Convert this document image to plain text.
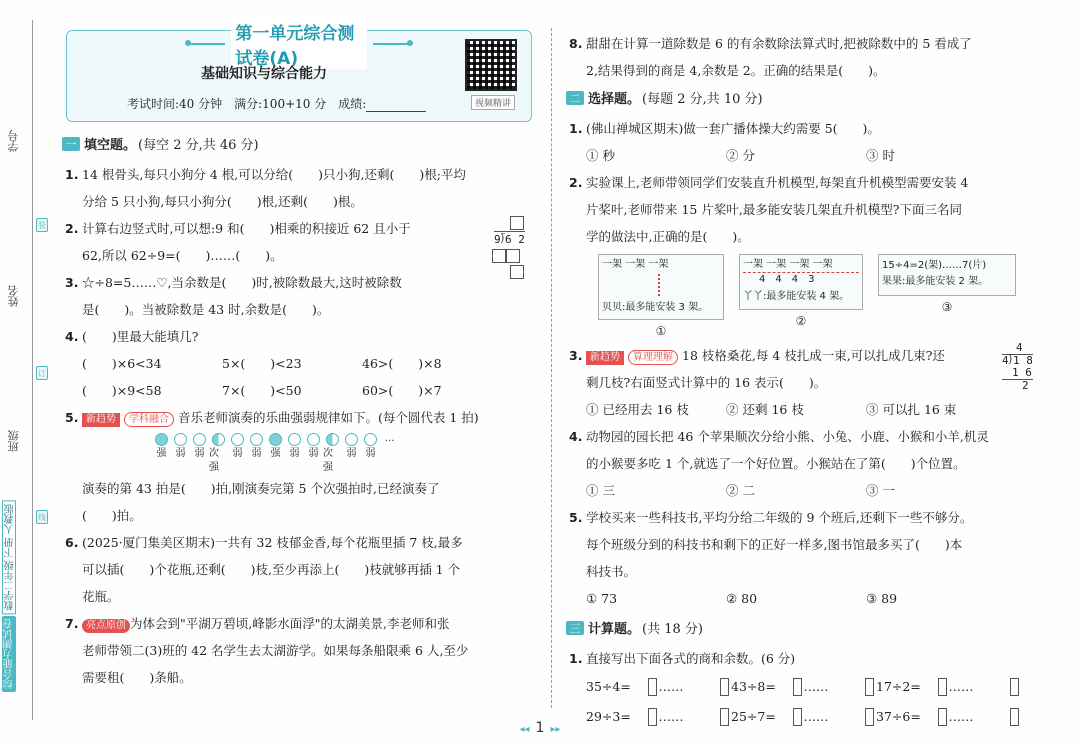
学号
姓名
班级
装
订
线
数学二年级 下册 人教版
综合能力测试卷
第一单元综合测试卷(A)
基础知识与综合能力
考试时间:40 分钟　满分:100+10 分　成绩:	视频精讲
一 填空题。 (每空 2 分,共 46 分)
1. 14 根骨头,每只小狗分 4 根,可以分给(　　)只小狗,还剩(　　)根;平均

分给 5 只小狗,每只小狗分(　　)根,还剩(　　)根。

2. 计算右边竖式时,可以想:9 和(　　)相乘的积接近 62 且小于

62,所以 62÷9=(　　)……(　　)。

9⟌6 2
3. ☆÷8=5……♡,当余数是(　　)时,被除数最大,这时被除数

是(　　)。当被除数是 43 时,余数是(　　)。

4. (　　)里最大能填几?

(　　)×6<34	5×(　　)<23	46>(　　)×8
(　　)×9<58	7×(　　)<50	60>(　　)×7
5. 新趋势 学科融合 音乐老师演奏的乐曲强弱规律如下。(每个圆代表 1 拍)

强 弱 弱 次强
弱 弱 强 弱 弱 次强
弱 弱
…

演奏的第 43 拍是(　　)拍,刚演奏完第 5 个次强拍时,已经演奏了

(　　)拍。

6. (2025·厦门集美区期末)一共有 32 枝郁金香,每个花瓶里插 7 枝,最多

可以插(　　)个花瓶,还剩(　　)枝,至少再添上(　　)枝就够再插 1 个

花瓶。

7. 亮点原创 为体会到"平湖万碧顷,峰影水面浮"的太湖美景,李老师和张

老师带领二(3)班的 42 名学生去太湖游学。如果每条船限乘 6 人,至少

需要租(　　)条船。

8. 甜甜在计算一道除数是 6 的有余数除法算式时,把被除数中的 5 看成了

2,结果得到的商是 4,余数是 2。正确的结果是(　　)。

二 选择题。 (每题 2 分,共 10 分)
1. (佛山禅城区期末)做一套广播体操大约需要 5(　　)。

① 秒	② 分	③ 时
2. 实验课上,老师带领同学们安装直升机模型,每架直升机模型需要安装 4

片桨叶,老师带来 15 片桨叶,最多能安装几架直升机模型?下面三名同

学的做法中,正确的是(　　)。

一架 一架 一架
贝贝:最多能安装 3 架。
①
一架 一架 一架 一架
4　4　4　3
丫丫:最多能安装 4 架。
②
15÷4=2(架)……7(片)
果果:最多能安装 2 架。
③
3. 新趋势 算理理解 18 枝格桑花,每 4 枝扎成一束,可以扎成几束?还

剩几枝?右面竖式计算中的 16 表示(　　)。

4
4⟌1 8
1 6
2
① 已经用去 16 枝	② 还剩 16 枝	③ 可以扎 16 束
4. 动物园的园长把 46 个苹果顺次分给小熊、小兔、小鹿、小猴和小羊,机灵

的小猴要多吃 1 个,就选了一个好位置。小猴站在了第(　　)个位置。

① 三	② 二	③ 一
5. 学校买来一些科技书,平均分给二年级的 9 个班后,还剩下一些不够分。

每个班级分到的科技书和剩下的正好一样多,图书馆最多买了(　　)本

科技书。

① 73	② 80	③ 89
三 计算题。 (共 18 分)
1. 直接写出下面各式的商和余数。(6 分)

35÷4=	……	43÷8=	……	17÷2=	……
29÷3=	……	25÷7=	……	37÷6=	……
◂◂ 1 ▸▸
